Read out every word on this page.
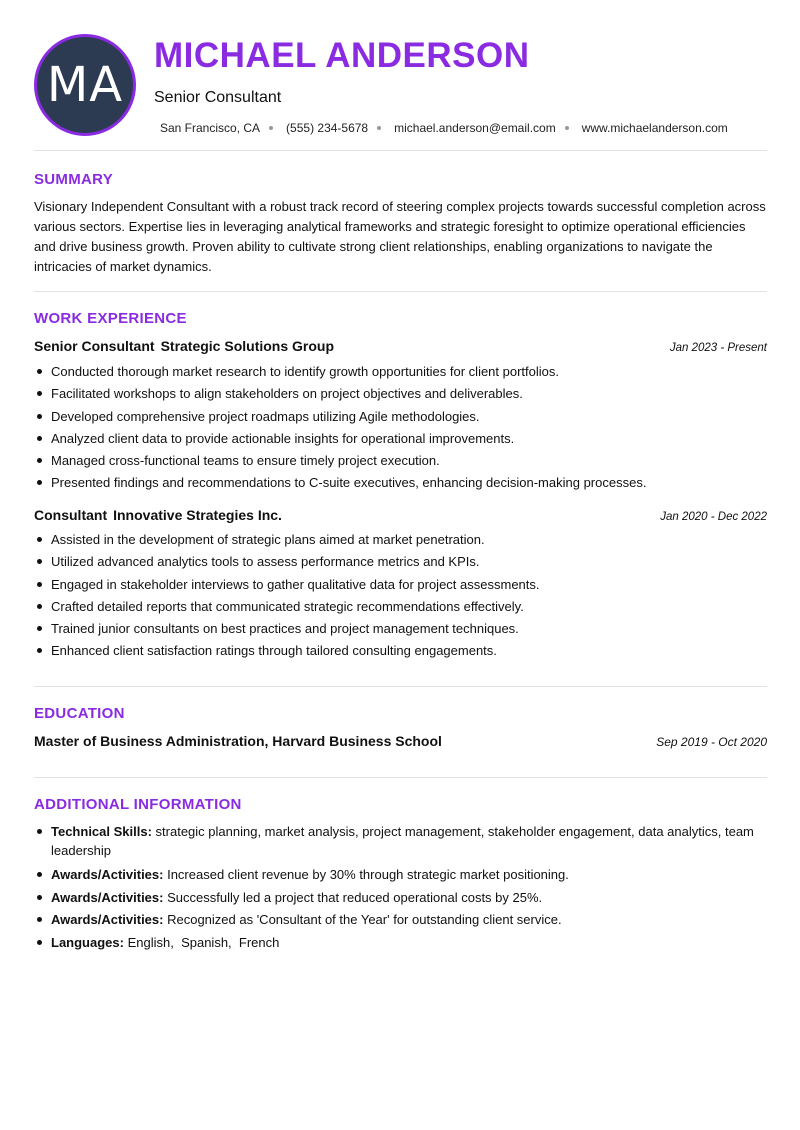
MA
MICHAEL ANDERSON
Senior Consultant
San Francisco, CA (555) 234-5678 michael.anderson@email.com www.michaelanderson.com
SUMMARY

Visionary Independent Consultant with a robust track record of steering complex projects towards successful completion across various sectors. Expertise lies in leveraging analytical frameworks and strategic foresight to optimize operational efficiencies and drive business growth. Proven ability to cultivate strong client relationships, enabling organizations to navigate the intricacies of market dynamics.

WORK EXPERIENCE
Senior Consultant Strategic Solutions Group	Jan 2023 - Present
Conducted thorough market research to identify growth opportunities for client portfolios.
Facilitated workshops to align stakeholders on project objectives and deliverables.
Developed comprehensive project roadmaps utilizing Agile methodologies.
Analyzed client data to provide actionable insights for operational improvements.
Managed cross-functional teams to ensure timely project execution.
Presented findings and recommendations to C-suite executives, enhancing decision-making processes.
Consultant Innovative Strategies Inc.	Jan 2020 - Dec 2022
Assisted in the development of strategic plans aimed at market penetration.
Utilized advanced analytics tools to assess performance metrics and KPIs.
Engaged in stakeholder interviews to gather qualitative data for project assessments.
Crafted detailed reports that communicated strategic recommendations effectively.
Trained junior consultants on best practices and project management techniques.
Enhanced client satisfaction ratings through tailored consulting engagements.
EDUCATION
Master of Business Administration, Harvard Business School	Sep 2019 - Oct 2020
ADDITIONAL INFORMATION
Technical Skills: strategic planning, market analysis, project management, stakeholder engagement, data analytics, team leadership
Awards/Activities: Increased client revenue by 30% through strategic market positioning.
Awards/Activities: Successfully led a project that reduced operational costs by 25%.
Awards/Activities: Recognized as 'Consultant of the Year' for outstanding client service.
Languages: English,  Spanish,  French
